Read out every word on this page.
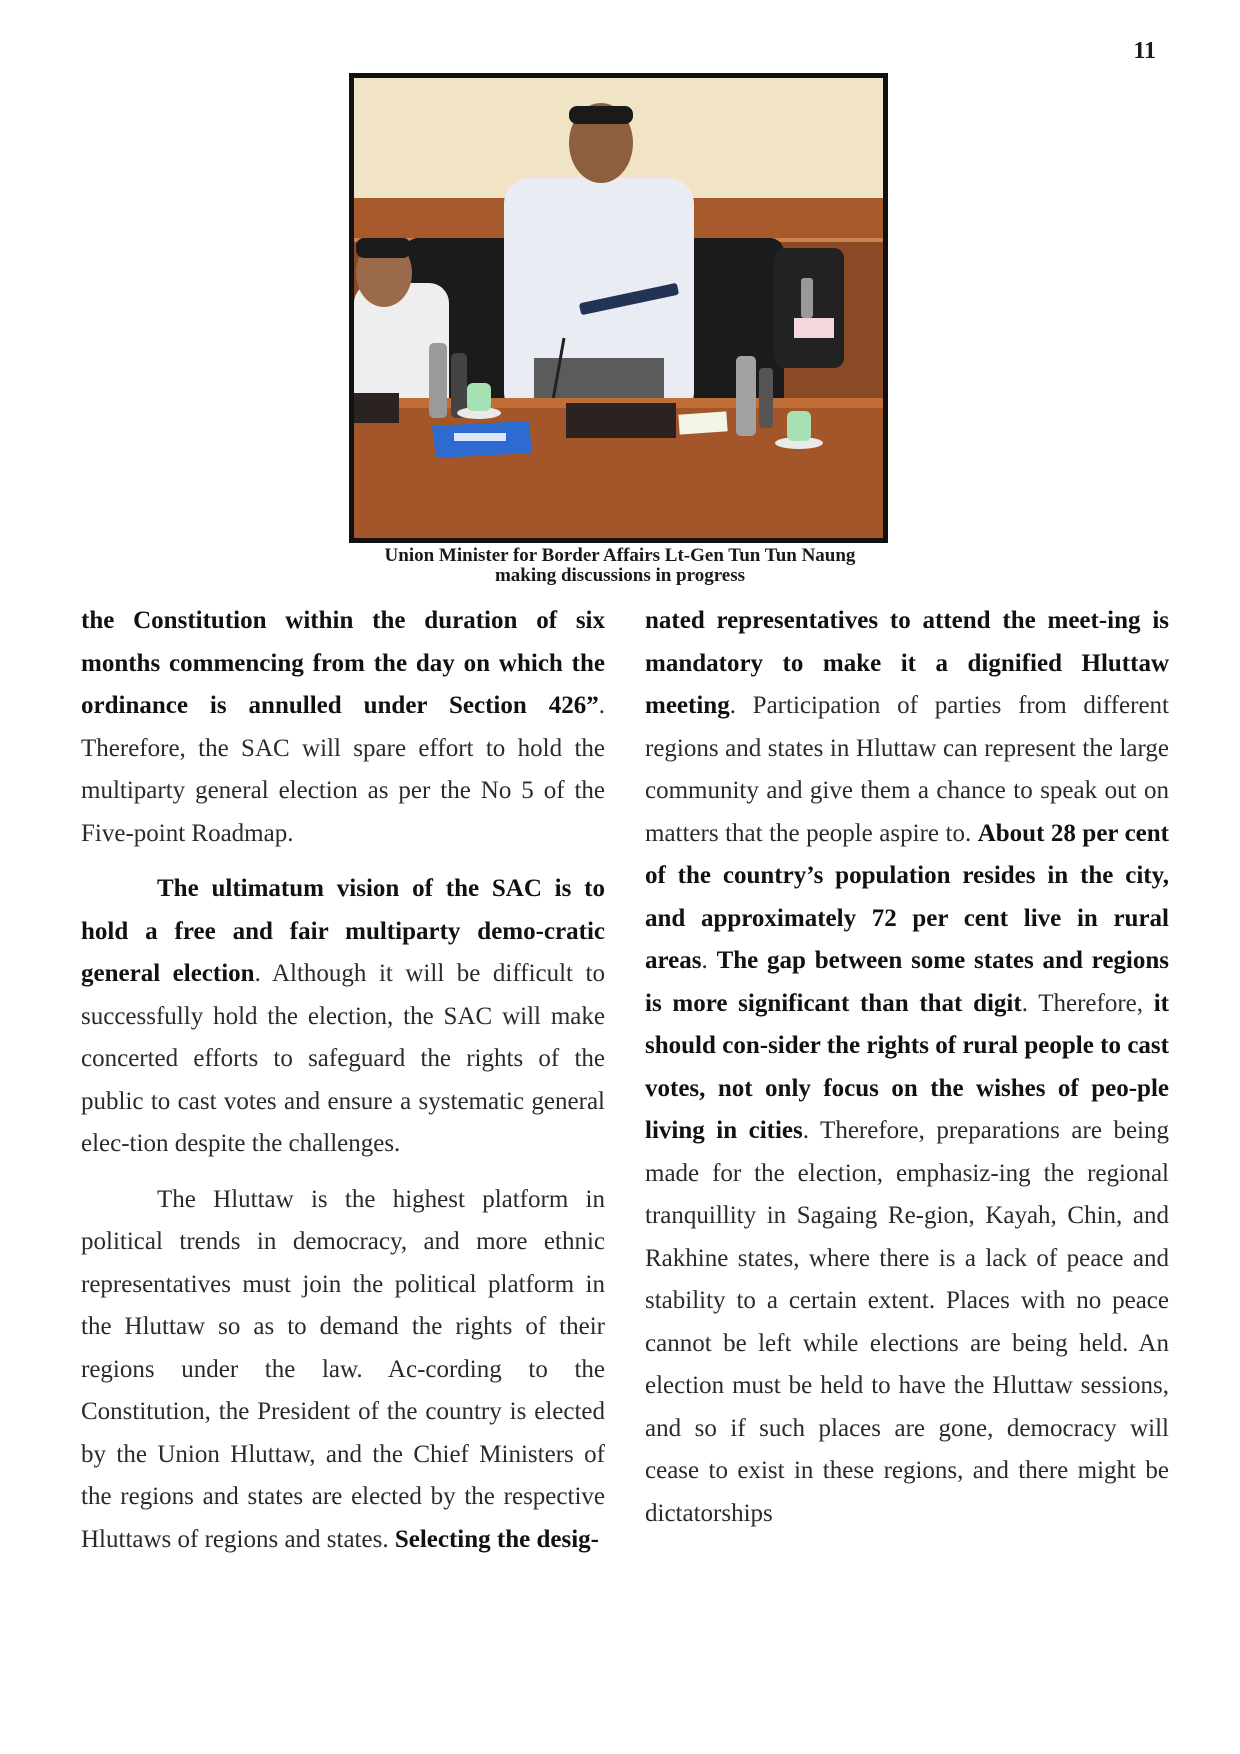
11
Union Minister for Border Affairs Lt-Gen Tun Tun Naung
making discussions in progress

the Constitution within the duration of six months commencing from the day on which the ordinance is annulled under Section 426”. Therefore, the SAC will spare effort to hold the multiparty general election as per the No 5 of the Five-point Roadmap.

The ultimatum vision of the SAC is to hold a free and fair multiparty demo-cratic general election. Although it will be difficult to successfully hold the election, the SAC will make concerted efforts to safeguard the rights of the public to cast votes and ensure a systematic general elec-tion despite the challenges.

The Hluttaw is the highest platform in political trends in democracy, and more ethnic representatives must join the political platform in the Hluttaw so as to demand the rights of their regions under the law. Ac-cording to the Constitution, the President of the country is elected by the Union Hluttaw, and the Chief Ministers of the regions and states are elected by the respective Hluttaws of regions and states. Selecting the desig-

nated representatives to attend the meet-ing is mandatory to make it a dignified Hluttaw meeting. Participation of parties from different regions and states in Hluttaw can represent the large community and give them a chance to speak out on matters that the people aspire to. About 28 per cent of the country’s population resides in the city, and approximately 72 per cent live in rural areas. The gap between some states and regions is more significant than that digit. Therefore, it should con-sider the rights of rural people to cast votes, not only focus on the wishes of peo-ple living in cities. Therefore, preparations are being made for the election, emphasiz-ing the regional tranquillity in Sagaing Re-gion, Kayah, Chin, and Rakhine states, where there is a lack of peace and stability to a certain extent. Places with no peace cannot be left while elections are being held. An election must be held to have the Hluttaw sessions, and so if such places are gone, democracy will cease to exist in these regions, and there might be dictatorships
